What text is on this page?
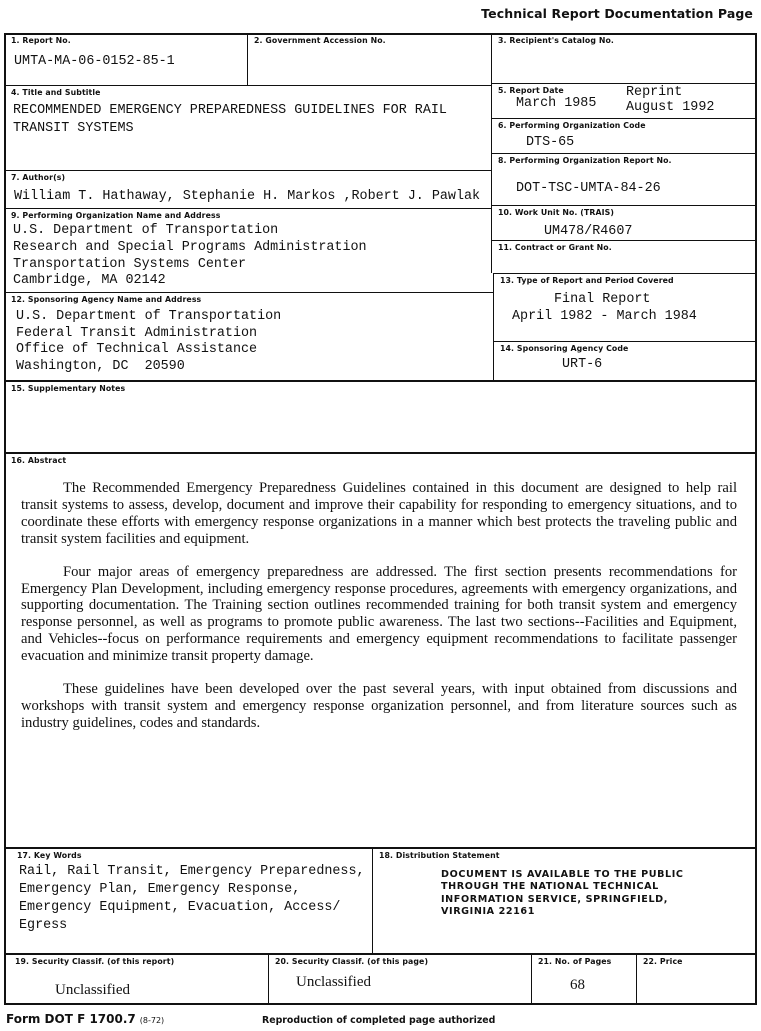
Technical Report Documentation Page
1. Report No.
UMTA-MA-06-0152-85-1
2. Government Accession No.	3. Recipient's Catalog No.
4. Title and Subtitle
RECOMMENDED EMERGENCY PREPAREDNESS GUIDELINES FOR RAIL
TRANSIT SYSTEMS
5. Report Date
March 1985
Reprint
August 1992
6. Performing Organization Code
DTS-65
7. Author(s)
William T. Hathaway, Stephanie H. Markos ,Robert J. Pawlak
8. Performing Organization Report No.
DOT-TSC-UMTA-84-26
9. Performing Organization Name and Address
U.S. Department of Transportation
Research and Special Programs Administration
Transportation Systems Center
Cambridge, MA 02142
10. Work Unit No. (TRAIS)
UM478/R4607
11. Contract or Grant No.
12. Sponsoring Agency Name and Address
U.S. Department of Transportation
Federal Transit Administration
Office of Technical Assistance
Washington, DC  20590
13. Type of Report and Period Covered
Final Report
April 1982 - March 1984
14. Sponsoring Agency Code
URT-6
15. Supplementary Notes
16. Abstract

The Recommended Emergency Preparedness Guidelines contained in this document are designed to help rail transit systems to assess, develop, document and improve their capability for responding to emergency situations, and to coordinate these efforts with emergency response organizations in a manner which best protects the traveling public and transit system facilities and equipment.

Four major areas of emergency preparedness are addressed. The first section presents recommendations for Emergency Plan Development, including emergency response procedures, agreements with emergency organizations, and supporting documentation. The Training section outlines recommended training for both transit system and emergency response personnel, as well as programs to promote public awareness. The last two sections--Facilities and Equipment, and Vehicles--focus on performance requirements and emergency equipment recommendations to facilitate passenger evacuation and minimize transit property damage.

These guidelines have been developed over the past several years, with input obtained from discussions and workshops with transit system and emergency response organization personnel, and from literature sources such as industry guidelines, codes and standards.

17. Key Words
Rail, Rail Transit, Emergency Preparedness,
Emergency Plan, Emergency Response,
Emergency Equipment, Evacuation, Access/
Egress
18. Distribution Statement
DOCUMENT IS AVAILABLE TO THE PUBLIC
THROUGH THE NATIONAL TECHNICAL
INFORMATION SERVICE, SPRINGFIELD,
VIRGINIA 22161
19. Security Classif. (of this report)
Unclassified
20. Security Classif. (of this page)
Unclassified
21. No. of Pages
68
22. Price
Form DOT F 1700.7 (8-72)	Reproduction of completed page authorized
